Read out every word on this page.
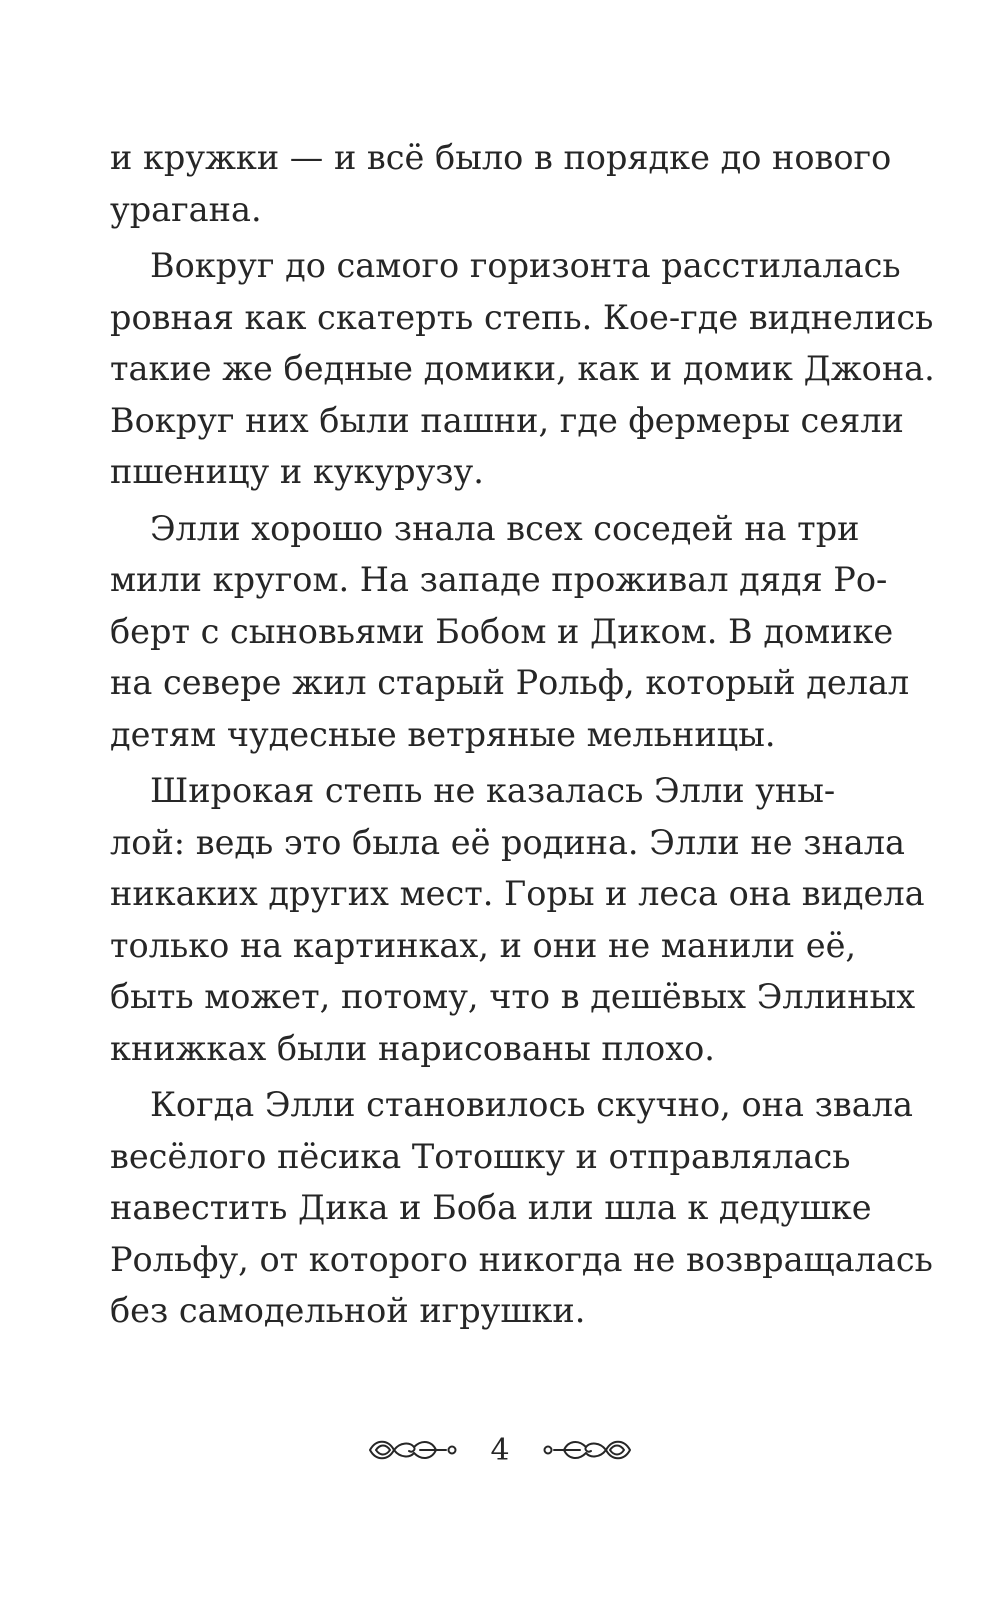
и кружки — и всё было в порядке до нового
урагана.
Вокруг до самого горизонта расстилалась
ровная как скатерть степь. Кое-где виднелись
такие же бедные домики, как и домик Джона.
Вокруг них были пашни, где фермеры сеяли
пшеницу и кукурузу.
Элли хорошо знала всех соседей на три
мили кругом. На западе проживал дядя Ро-
берт с сыновьями Бобом и Диком. В домике
на севере жил старый Рольф, который делал
детям чудесные ветряные мельницы.
Широкая степь не казалась Элли уны-
лой: ведь это была её родина. Элли не знала
никаких других мест. Горы и леса она видела
только на картинках, и они не манили её,
быть может, потому, что в дешёвых Эллиных
книжках были нарисованы плохо.
Когда Элли становилось скучно, она звала
весёлого пёсика Тотошку и отправлялась
навестить Дика и Боба или шла к дедушке
Рольфу, от которого никогда не возвращалась
без самодельной игрушки.
4
